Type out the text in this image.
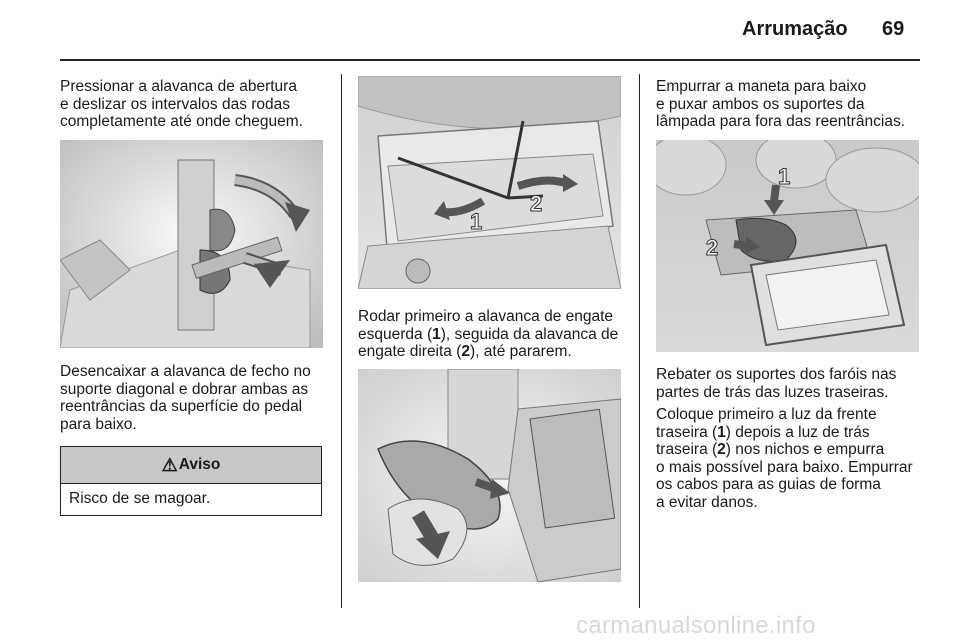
Arrumação 69

Pressionar a alavanca de abertura
e deslizar os intervalos das rodas
completamente até onde cheguem.

Desencaixar a alavanca de fecho no
suporte diagonal e dobrar ambas as
reentrâncias da superfície do pedal
para baixo.

⚠ Aviso
Risco de se magoar.
1
2

Rodar primeiro a alavanca de engate
esquerda (1), seguida da alavanca de
engate direita (2), até pararem.

Empurrar a maneta para baixo
e puxar ambos os suportes da
lâmpada para fora das reentrâncias.

1
2

Rebater os suportes dos faróis nas
partes de trás das luzes traseiras.

Coloque primeiro a luz da frente
traseira (1) depois a luz de trás
traseira (2) nos nichos e empurra
o mais possível para baixo. Empurrar
os cabos para as guias de forma
a evitar danos.

carmanualsonline.info
